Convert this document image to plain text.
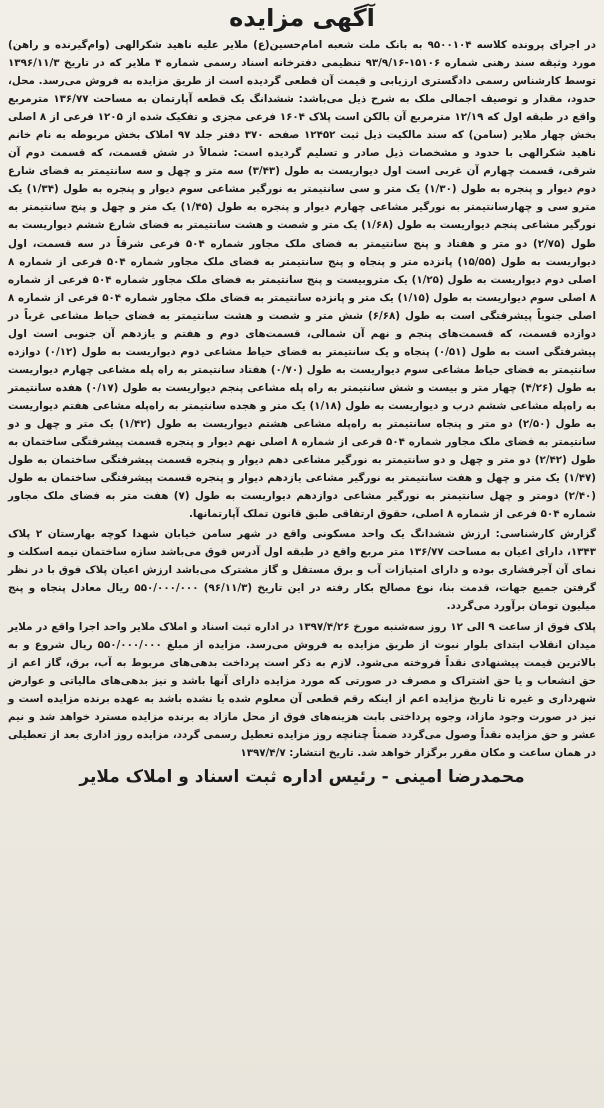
آگهی مزایده

در اجرای پرونده کلاسه ۹۵۰۰۱۰۴ به بانک ملت شعبه امام‌حسین(ع) ملایر علیه ناهید شکرالهی (وام‌گیرنده و راهن) مورد وثیقه سند رهنی شماره ۱۵۱۰۶-۹۳/۹/۱۶ تنظیمی دفترخانه اسناد رسمی شماره ۴ ملایر که در تاریخ ۱۳۹۶/۱۱/۳ توسط کارشناس رسمی دادگستری ارزیابی و قیمت آن قطعی گردیده است از طریق مزایده به فروش می‌رسد. محل، حدود، مقدار و توصیف اجمالی ملک به شرح ذیل می‌باشد: ششدانگ یک قطعه آپارتمان به مساحت ۱۳۶/۷۷ مترمربع واقع در طبقه اول که ۱۲/۱۹ مترمربع آن بالکن است پلاک ۱۶۰۴ فرعی مجزی و تفکیک شده از ۱۲۰۵ فرعی از ۸ اصلی بخش چهار ملایر (سامن) که سند مالکیت ذیل ثبت ۱۲۴۵۲ صفحه ۳۷۰ دفتر جلد ۹۷ املاک بخش مربوطه به نام خانم ناهید شکرالهی با حدود و مشخصات ذیل صادر و تسلیم گردیده است: شمالاً در شش قسمت، که قسمت دوم آن شرقی، قسمت چهارم آن غربی است اول دیواریست به طول (۳/۴۳) سه متر و چهل و سه سانتیمتر به فضای شارع دوم دیوار و پنجره به طول (۱/۳۰) یک متر و سی سانتیمتر به نورگیر مشاعی سوم دیوار و پنجره به طول (۱/۳۴) یک مترو سی و چهارسانتیمتر به نورگیر مشاعی چهارم دیوار و پنجره به طول (۱/۴۵) یک متر و چهل و پنج سانتیمتر به نورگیر مشاعی پنجم دیواریست به طول (۱/۶۸) یک متر و شصت و هشت سانتیمتر به فضای شارع ششم دیواریست به طول (۲/۷۵) دو متر و هفتاد و پنج سانتیمتر به فضای ملک مجاور شماره ۵۰۴ فرعی شرقاً در سه قسمت، اول دیواریست به طول (۱۵/۵۵) پانزده متر و پنجاه و پنج سانتیمتر به فضای ملک مجاور شماره ۵۰۴ فرعی از شماره ۸ اصلی دوم دیواریست به طول (۱/۲۵) یک متروبیست و پنج سانتیمتر به فضای ملک مجاور شماره ۵۰۴ فرعی از شماره ۸ اصلی سوم دیواریست به طول (۱/۱۵) یک متر و پانزده سانتیمتر به فضای ملک مجاور شماره ۵۰۴ فرعی از شماره ۸ اصلی جنوباً پیشرفتگی است به طول (۶/۶۸) شش متر و شصت و هشت سانتیمتر به فضای حیاط مشاعی غرباً در دوازده قسمت، که قسمت‌های پنجم و نهم آن شمالی، قسمت‌های دوم و هفتم و یازدهم آن جنوبی است اول پیشرفتگی است به طول (۰/۵۱) پنجاه و یک سانتیمتر به فضای حیاط مشاعی دوم دیواریست به طول (۰/۱۲) دوازده سانتیمتر به فضای حیاط مشاعی سوم دیواریست به طول (۰/۷۰) هفتاد سانتیمتر به راه پله مشاعی چهارم دیواریست به طول (۴/۲۶) چهار متر و بیست و شش سانتیمتر به راه پله مشاعی پنجم دیواریست به طول (۰/۱۷) هفده سانتیمتر به راه‌پله مشاعی ششم درب و دیواریست به طول (۱/۱۸) یک متر و هجده سانتیمتر به راه‌پله مشاعی هفتم دیواریست به طول (۲/۵۰) دو متر و پنجاه سانتیمتر به راه‌پله مشاعی هشتم دیواریست به طول (۱/۴۲) یک متر و چهل و دو سانتیمتر به فضای ملک مجاور شماره ۵۰۴ فرعی از شماره ۸ اصلی نهم دیوار و پنجره قسمت پیشرفتگی ساختمان به طول (۲/۴۲) دو متر و چهل و دو سانتیمتر به نورگیر مشاعی دهم دیوار و پنجره قسمت پیشرفتگی ساختمان به طول (۱/۴۷) یک متر و چهل و هفت سانتیمتر به نورگیر مشاعی یازدهم دیوار و پنجره قسمت پیشرفتگی ساختمان به طول (۲/۴۰) دومتر و چهل سانتیمتر به نورگیر مشاعی دوازدهم دیواریست به طول (۷) هفت متر به فضای ملک مجاور شماره ۵۰۴ فرعی از شماره ۸ اصلی، حقوق ارتفاقی طبق قانون تملک آپارتمانها.

گزارش کارشناسی: ارزش ششدانگ یک واحد مسکونی واقع در شهر سامن خیابان شهدا کوچه بهارستان ۲ پلاک ۱۳۴۳، دارای اعیان به مساحت ۱۳۶/۷۷ متر مربع واقع در طبقه اول آدرس فوق می‌باشد سازه ساختمان نیمه اسکلت و نمای آن آجرفشاری بوده و دارای امتیازات آب و برق مستقل و گاز مشترک می‌باشد ارزش اعیان پلاک فوق با در نظر گرفتن جمیع جهات، قدمت بنا، نوع مصالح بکار رفته در این تاریخ (۹۶/۱۱/۳) ۵۵۰/۰۰۰/۰۰۰ ریال معادل پنجاه و پنج میلیون تومان برآورد می‌گردد.

پلاک فوق از ساعت ۹ الی ۱۲ روز سه‌شنبه مورخ ۱۳۹۷/۴/۲۶ در اداره ثبت اسناد و املاک ملایر واحد اجرا واقع در ملایر میدان انقلاب ابتدای بلوار نبوت از طریق مزایده به فروش می‌رسد. مزایده از مبلغ ۵۵۰/۰۰۰/۰۰۰ ریال شروع و به بالاترین قیمت پیشنهادی نقداً فروخته می‌شود. لازم به ذکر است پرداخت بدهی‌های مربوط به آب، برق، گاز اعم از حق انشعاب و یا حق اشتراک و مصرف در صورتی که مورد مزایده دارای آنها باشد و نیز بدهی‌های مالیاتی و عوارض شهرداری و غیره تا تاریخ مزایده اعم از اینکه رقم قطعی آن معلوم شده یا نشده باشد به عهده برنده مزایده است و نیز در صورت وجود مازاد، وجوه پرداختی بابت هزینه‌های فوق از محل مازاد به برنده مزایده مسترد خواهد شد و نیم عشر و حق مزایده نقداً وصول می‌گردد ضمناً چنانچه روز مزایده تعطیل رسمی گردد، مزایده روز اداری بعد از تعطیلی در همان ساعت و مکان مقرر برگزار خواهد شد. تاریخ انتشار: ۱۳۹۷/۴/۷

محمدرضا امینی - رئیس اداره ثبت اسناد و املاک ملایر
